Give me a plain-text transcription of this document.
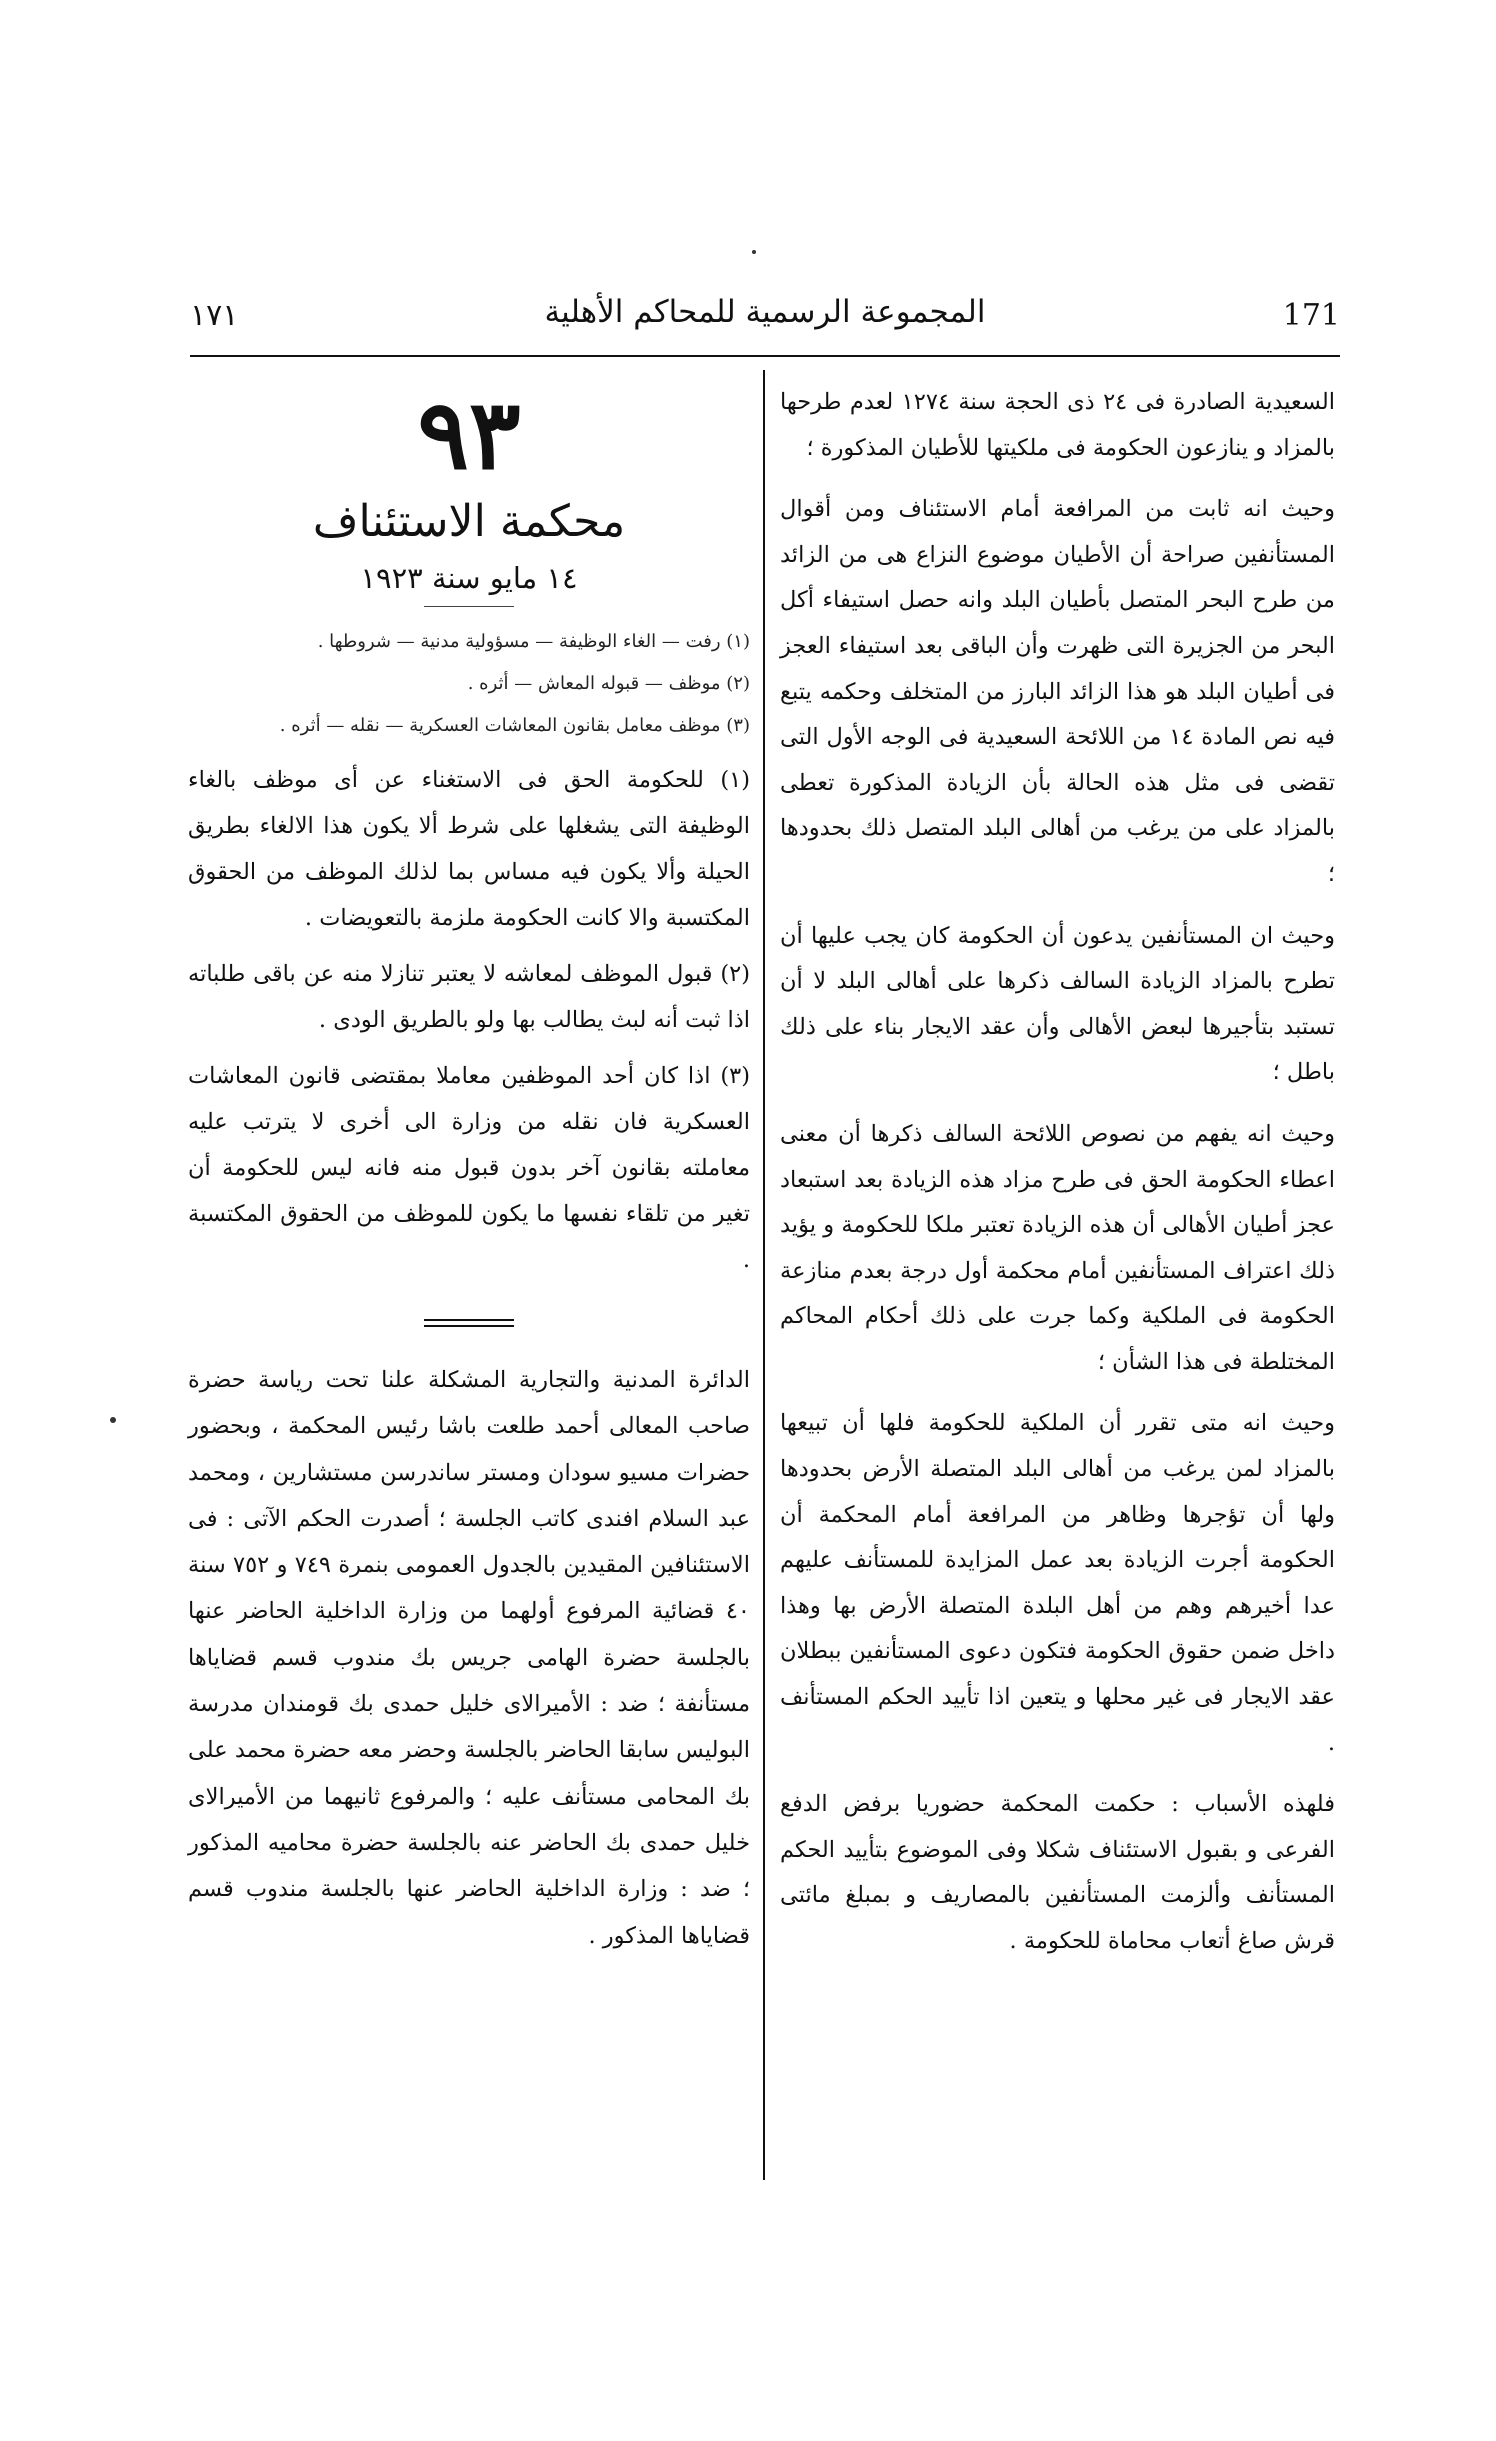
١٧١	المجموعة الرسمية للمحاكم الأهلية	171

السعيدية الصادرة فى ٢٤ ذى الحجة سنة ١٢٧٤ لعدم طرحها بالمزاد و ينازعون الحكومة فى ملكيتها للأطيان المذكورة ؛

وحيث انه ثابت من المرافعة أمام الاستئناف ومن أقوال المستأنفين صراحة أن الأطيان موضوع النزاع هى من الزائد من طرح البحر المتصل بأطيان البلد وانه حصل استيفاء أكل البحر من الجزيرة التى ظهرت وأن الباقى بعد استيفاء العجز فى أطيان البلد هو هذا الزائد البارز من المتخلف وحكمه يتبع فيه نص المادة ١٤ من اللائحة السعيدية فى الوجه الأول التى تقضى فى مثل هذه الحالة بأن الزيادة المذكورة تعطى بالمزاد على من يرغب من أهالى البلد المتصل ذلك بحدودها ؛

وحيث ان المستأنفين يدعون أن الحكومة كان يجب عليها أن تطرح بالمزاد الزيادة السالف ذكرها على أهالى البلد لا أن تستبد بتأجيرها لبعض الأهالى وأن عقد الايجار بناء على ذلك باطل ؛

وحيث انه يفهم من نصوص اللائحة السالف ذكرها أن معنى اعطاء الحكومة الحق فى طرح مزاد هذه الزيادة بعد استبعاد عجز أطيان الأهالى أن هذه الزيادة تعتبر ملكا للحكومة و يؤيد ذلك اعتراف المستأنفين أمام محكمة أول درجة بعدم منازعة الحكومة فى الملكية وكما جرت على ذلك أحكام المحاكم المختلطة فى هذا الشأن ؛

وحيث انه متى تقرر أن الملكية للحكومة فلها أن تبيعها بالمزاد لمن يرغب من أهالى البلد المتصلة الأرض بحدودها ولها أن تؤجرها وظاهر من المرافعة أمام المحكمة أن الحكومة أجرت الزيادة بعد عمل المزايدة للمستأنف عليهم عدا أخيرهم وهم من أهل البلدة المتصلة الأرض بها وهذا داخل ضمن حقوق الحكومة فتكون دعوى المستأنفين ببطلان عقد الايجار فى غير محلها و يتعين اذا تأييد الحكم المستأنف .

فلهذه الأسباب : حكمت المحكمة حضوريا برفض الدفع الفرعى و بقبول الاستئناف شكلا وفى الموضوع بتأييد الحكم المستأنف وألزمت المستأنفين بالمصاريف و بمبلغ مائتى قرش صاغ أتعاب محاماة للحكومة .

٩٣

محكمة الاستئناف

١٤ مايو سنة ١٩٢٣

(١) رفت — الغاء الوظيفة — مسؤولية مدنية — شروطها .

(٢) موظف — قبوله المعاش — أثره .

(٣) موظف معامل بقانون المعاشات العسكرية — نقله — أثره .

(١) للحكومة الحق فى الاستغناء عن أى موظف بالغاء الوظيفة التى يشغلها على شرط ألا يكون هذا الالغاء بطريق الحيلة وألا يكون فيه مساس بما لذلك الموظف من الحقوق المكتسبة والا كانت الحكومة ملزمة بالتعويضات .

(٢) قبول الموظف لمعاشه لا يعتبر تنازلا منه عن باقى طلباته اذا ثبت أنه لبث يطالب بها ولو بالطريق الودى .

(٣) اذا كان أحد الموظفين معاملا بمقتضى قانون المعاشات العسكرية فان نقله من وزارة الى أخرى لا يترتب عليه معاملته بقانون آخر بدون قبول منه فانه ليس للحكومة أن تغير من تلقاء نفسها ما يكون للموظف من الحقوق المكتسبة .

الدائرة المدنية والتجارية المشكلة علنا تحت رياسة حضرة صاحب المعالى أحمد طلعت باشا رئيس المحكمة ، وبحضور حضرات مسيو سودان ومستر ساندرسن مستشارين ، ومحمد عبد السلام افندى كاتب الجلسة ؛ أصدرت الحكم الآتى : فى الاستئنافين المقيدين بالجدول العمومى بنمرة ٧٤٩ و ٧٥٢ سنة ٤٠ قضائية المرفوع أولهما من وزارة الداخلية الحاضر عنها بالجلسة حضرة الهامى جريس بك مندوب قسم قضاياها مستأنفة ؛ ضد : الأميرالاى خليل حمدى بك قومندان مدرسة البوليس سابقا الحاضر بالجلسة وحضر معه حضرة محمد على بك المحامى مستأنف عليه ؛ والمرفوع ثانيهما من الأميرالاى خليل حمدى بك الحاضر عنه بالجلسة حضرة محاميه المذكور ؛ ضد : وزارة الداخلية الحاضر عنها بالجلسة مندوب قسم قضاياها المذكور .
